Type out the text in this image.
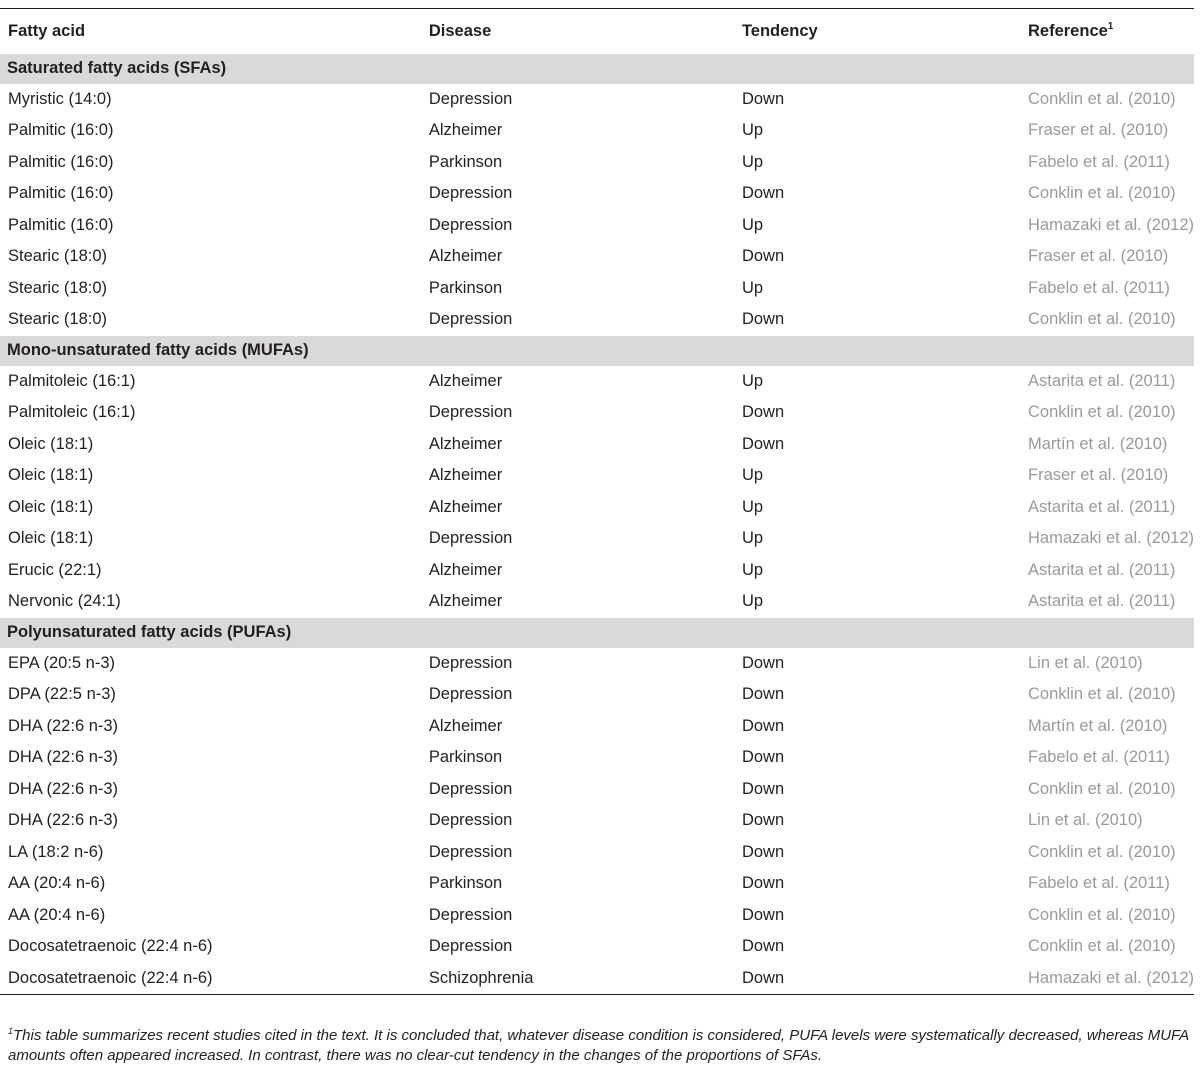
Fatty acid	Disease	Tendency	Reference$^1$
Saturated fatty acids (SFAs)			
Myristic (14:0)	Depression	Down	Conklin et al. (2010)
Palmitic (16:0)	Alzheimer	Up	Fraser et al. (2010)
Palmitic (16:0)	Parkinson	Up	Fabelo et al. (2011)
Palmitic (16:0)	Depression	Down	Conklin et al. (2010)
Palmitic (16:0)	Depression	Up	Hamazaki et al. (2012)
Stearic (18:0)	Alzheimer	Down	Fraser et al. (2010)
Stearic (18:0)	Parkinson	Up	Fabelo et al. (2011)
Stearic (18:0)	Depression	Down	Conklin et al. (2010)
Mono-unsaturated fatty acids (MUFAs)			
Palmitoleic (16:1)	Alzheimer	Up	Astarita et al. (2011)
Palmitoleic (16:1)	Depression	Down	Conklin et al. (2010)
Oleic (18:1)	Alzheimer	Down	Martín et al. (2010)
Oleic (18:1)	Alzheimer	Up	Fraser et al. (2010)
Oleic (18:1)	Alzheimer	Up	Astarita et al. (2011)
Oleic (18:1)	Depression	Up	Hamazaki et al. (2012)
Erucic (22:1)	Alzheimer	Up	Astarita et al. (2011)
Nervonic (24:1)	Alzheimer	Up	Astarita et al. (2011)
Polyunsaturated fatty acids (PUFAs)			
EPA (20:5 n-3)	Depression	Down	Lin et al. (2010)
DPA (22:5 n-3)	Depression	Down	Conklin et al. (2010)
DHA (22:6 n-3)	Alzheimer	Down	Martín et al. (2010)
DHA (22:6 n-3)	Parkinson	Down	Fabelo et al. (2011)
DHA (22:6 n-3)	Depression	Down	Conklin et al. (2010)
DHA (22:6 n-3)	Depression	Down	Lin et al. (2010)
LA (18:2 n-6)	Depression	Down	Conklin et al. (2010)
AA (20:4 n-6)	Parkinson	Down	Fabelo et al. (2011)
AA (20:4 n-6)	Depression	Down	Conklin et al. (2010)
Docosatetraenoic (22:4 n-6)	Depression	Down	Conklin et al. (2010)
Docosatetraenoic (22:4 n-6)	Schizophrenia	Down	Hamazaki et al. (2012)
$^1$This table summarizes recent studies cited in the text. It is concluded that, whatever disease condition is considered, PUFA levels were systematically decreased, whereas MUFA amounts often appeared increased. In contrast, there was no clear-cut tendency in the changes of the proportions of SFAs.
